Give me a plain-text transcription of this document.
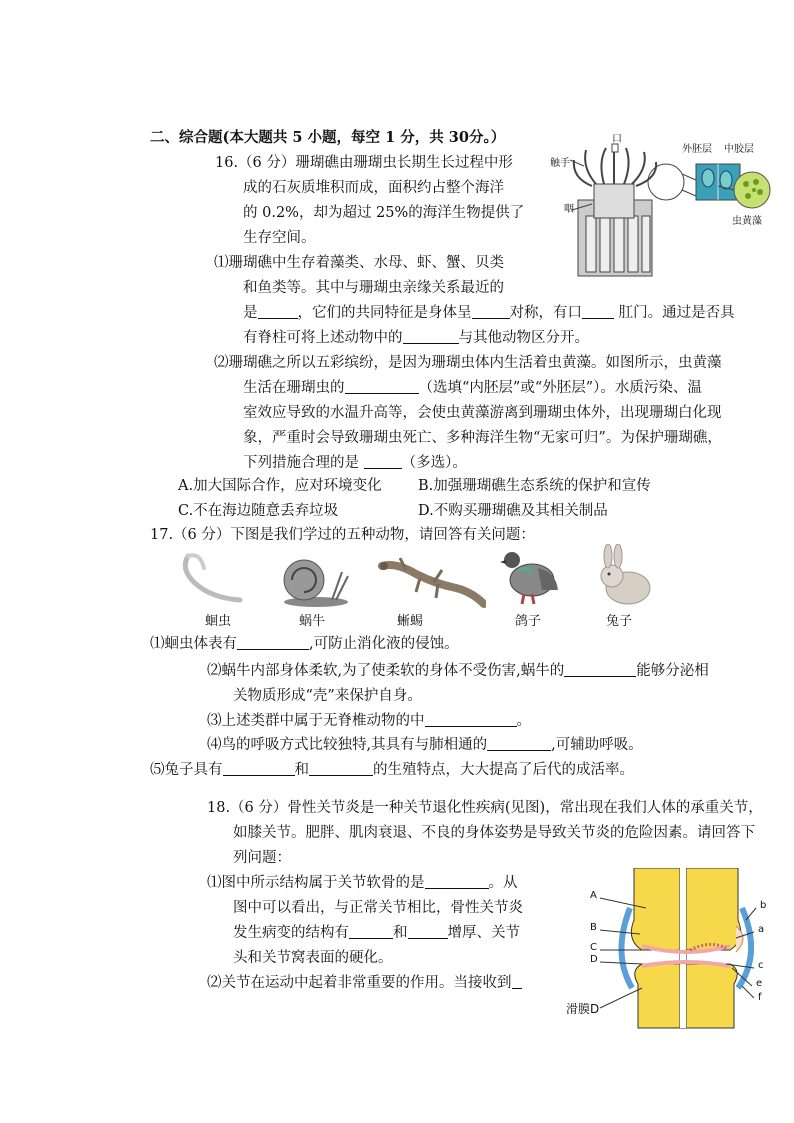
二、综合题(本大题共 5 小题，每空 1 分，共 30分。）
16.（6 分）珊瑚礁由珊瑚虫长期生长过程中形
成的石灰质堆积而成，面积约占整个海洋
的 0.2%，却为超过 25%的海洋生物提供了
生存空间。
触手
口
咽
外胚层 中胶层
虫黄藻
⑴珊瑚礁中生存着藻类、水母、虾、蟹、贝类
和鱼类等。其中与珊瑚虫亲缘关系最近的
是	，它们的共同特征是身体呈	对称，有口 肛门。通过是否具
有脊柱可将上述动物中的	与其他动物区分开。
⑵珊瑚礁之所以五彩缤纷，是因为珊瑚虫体内生活着虫黄藻。如图所示，虫黄藻
生活在珊瑚虫的	（选填“内胚层”或“外胚层”）。水质污染、温
室效应导致的水温升高等，会使虫黄藻游离到珊瑚虫体外，出现珊瑚白化现
象，严重时会导致珊瑚虫死亡、多种海洋生物“无家可归”。为保护珊瑚礁，
下列措施合理的是	（多选）。
A.加大国际合作，应对环境变化	B.加强珊瑚礁生态系统的保护和宣传
C.不在海边随意丢弃垃圾	D.不购买珊瑚礁及其相关制品
17.（6 分）下图是我们学过的五种动物，请回答有关问题：
蛔虫	蜗牛	蜥蜴	鸽子	兔子
⑴蛔虫体表有	,可防止消化液的侵蚀。
⑵蜗牛内部身体柔软,为了使柔软的身体不受伤害,蜗牛的	能够分泌相
关物质形成“壳”来保护自身。
⑶上述类群中属于无脊椎动物的中	。
⑷鸟的呼吸方式比较独特,其具有与肺相通的	,可辅助呼吸。
⑸兔子具有	和	的生殖特点，大大提高了后代的成活率。
18.（6 分）骨性关节炎是一种关节退化性疾病(见图)，常出现在我们人体的承重关节，
如膝关节。肥胖、肌肉衰退、不良的身体姿势是导致关节炎的危险因素。请回答下
列问题：
⑴图中所示结构属于关节软骨的是	。从
图中可以看出，与正常关节相比，骨性关节炎
发生病变的结构有	和	增厚、关节
头和关节窝表面的硬化。
⑵关节在运动中起着非常重要的作用。当接收到
A
B
C
D
b
a
c
e
f
滑膜D
